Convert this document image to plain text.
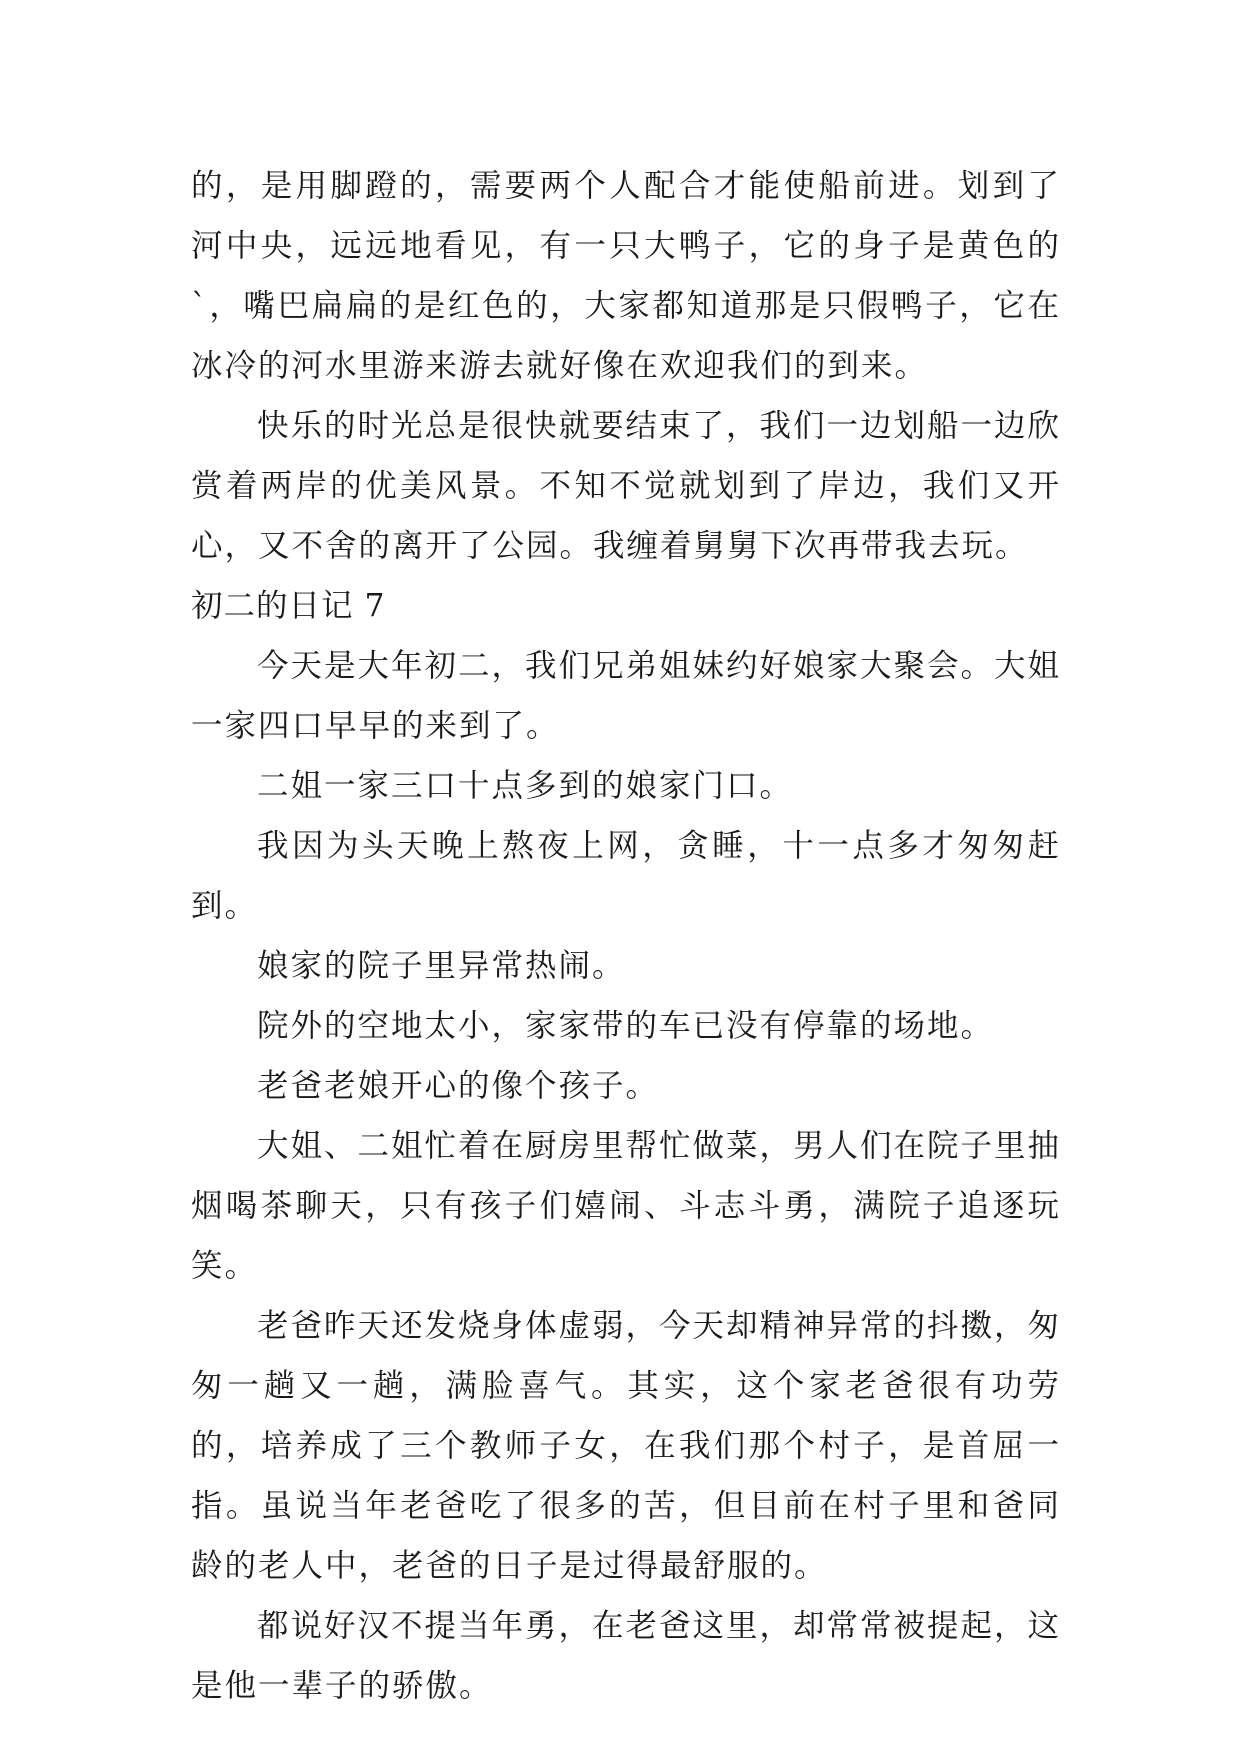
的，是用脚蹬的，需要两个人配合才能使船前进。划到了河中央，远远地看见，有一只大鸭子，它的身子是黄色的`，嘴巴扁扁的是红色的，大家都知道那是只假鸭子，它在冰冷的河水里游来游去就好像在欢迎我们的到来。

快乐的时光总是很快就要结束了，我们一边划船一边欣赏着两岸的优美风景。不知不觉就划到了岸边，我们又开心，又不舍的离开了公园。我缠着舅舅下次再带我去玩。

初二的日记 7

今天是大年初二，我们兄弟姐妹约好娘家大聚会。大姐一家四口早早的来到了。

二姐一家三口十点多到的娘家门口。

我因为头天晚上熬夜上网，贪睡，十一点多才匆匆赶到。

娘家的院子里异常热闹。

院外的空地太小，家家带的车已没有停靠的场地。

老爸老娘开心的像个孩子。

大姐、二姐忙着在厨房里帮忙做菜，男人们在院子里抽烟喝茶聊天，只有孩子们嬉闹、斗志斗勇，满院子追逐玩笑。

老爸昨天还发烧身体虚弱，今天却精神异常的抖擞，匆匆一趟又一趟，满脸喜气。其实，这个家老爸很有功劳的，培养成了三个教师子女，在我们那个村子，是首屈一指。虽说当年老爸吃了很多的苦，但目前在村子里和爸同龄的老人中，老爸的日子是过得最舒服的。

都说好汉不提当年勇，在老爸这里，却常常被提起，这是他一辈子的骄傲。
